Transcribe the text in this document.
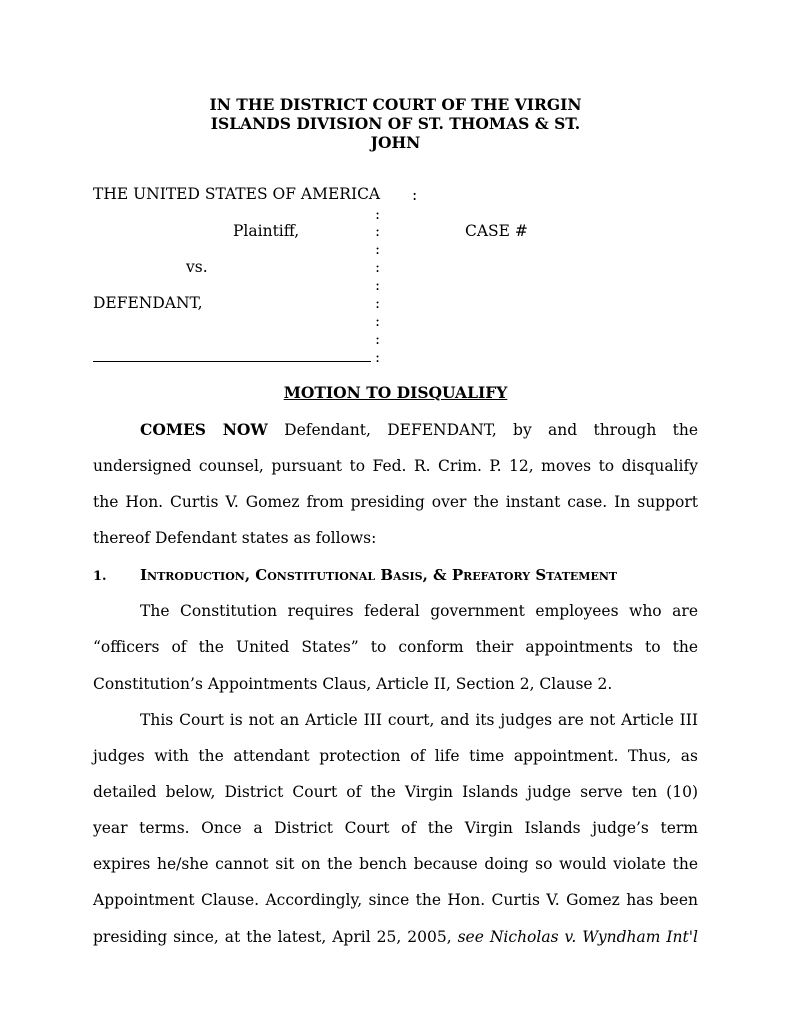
IN THE DISTRICT COURT OF THE VIRGIN
ISLANDS DIVISION OF ST. THOMAS & ST.
JOHN
THE UNITED STATES OF AMERICA :
:
Plaintiff,	:	CASE #
:
vs.	:
:
DEFENDANT,	:
:
:
:
MOTION TO DISQUALIFY
COMES NOW Defendant, DEFENDANT, by and through the
undersigned counsel, pursuant to Fed. R. Crim. P. 12, moves to disqualify
the Hon. Curtis V. Gomez from presiding over the instant case. In support
thereof Defendant states as follows:
1. Introduction, Constitutional Basis, & Prefatory Statement
The Constitution requires federal government employees who are
“officers of the United States” to conform their appointments to the
Constitution’s Appointments Claus, Article II, Section 2, Clause 2.
This Court is not an Article III court, and its judges are not Article III
judges with the attendant protection of life time appointment. Thus, as
detailed below, District Court of the Virgin Islands judge serve ten (10)
year terms. Once a District Court of the Virgin Islands judge’s term
expires he/she cannot sit on the bench because doing so would violate the
Appointment Clause. Accordingly, since the Hon. Curtis V. Gomez has been
presiding since, at the latest, April 25, 2005, see Nicholas v. Wyndham Int'l
